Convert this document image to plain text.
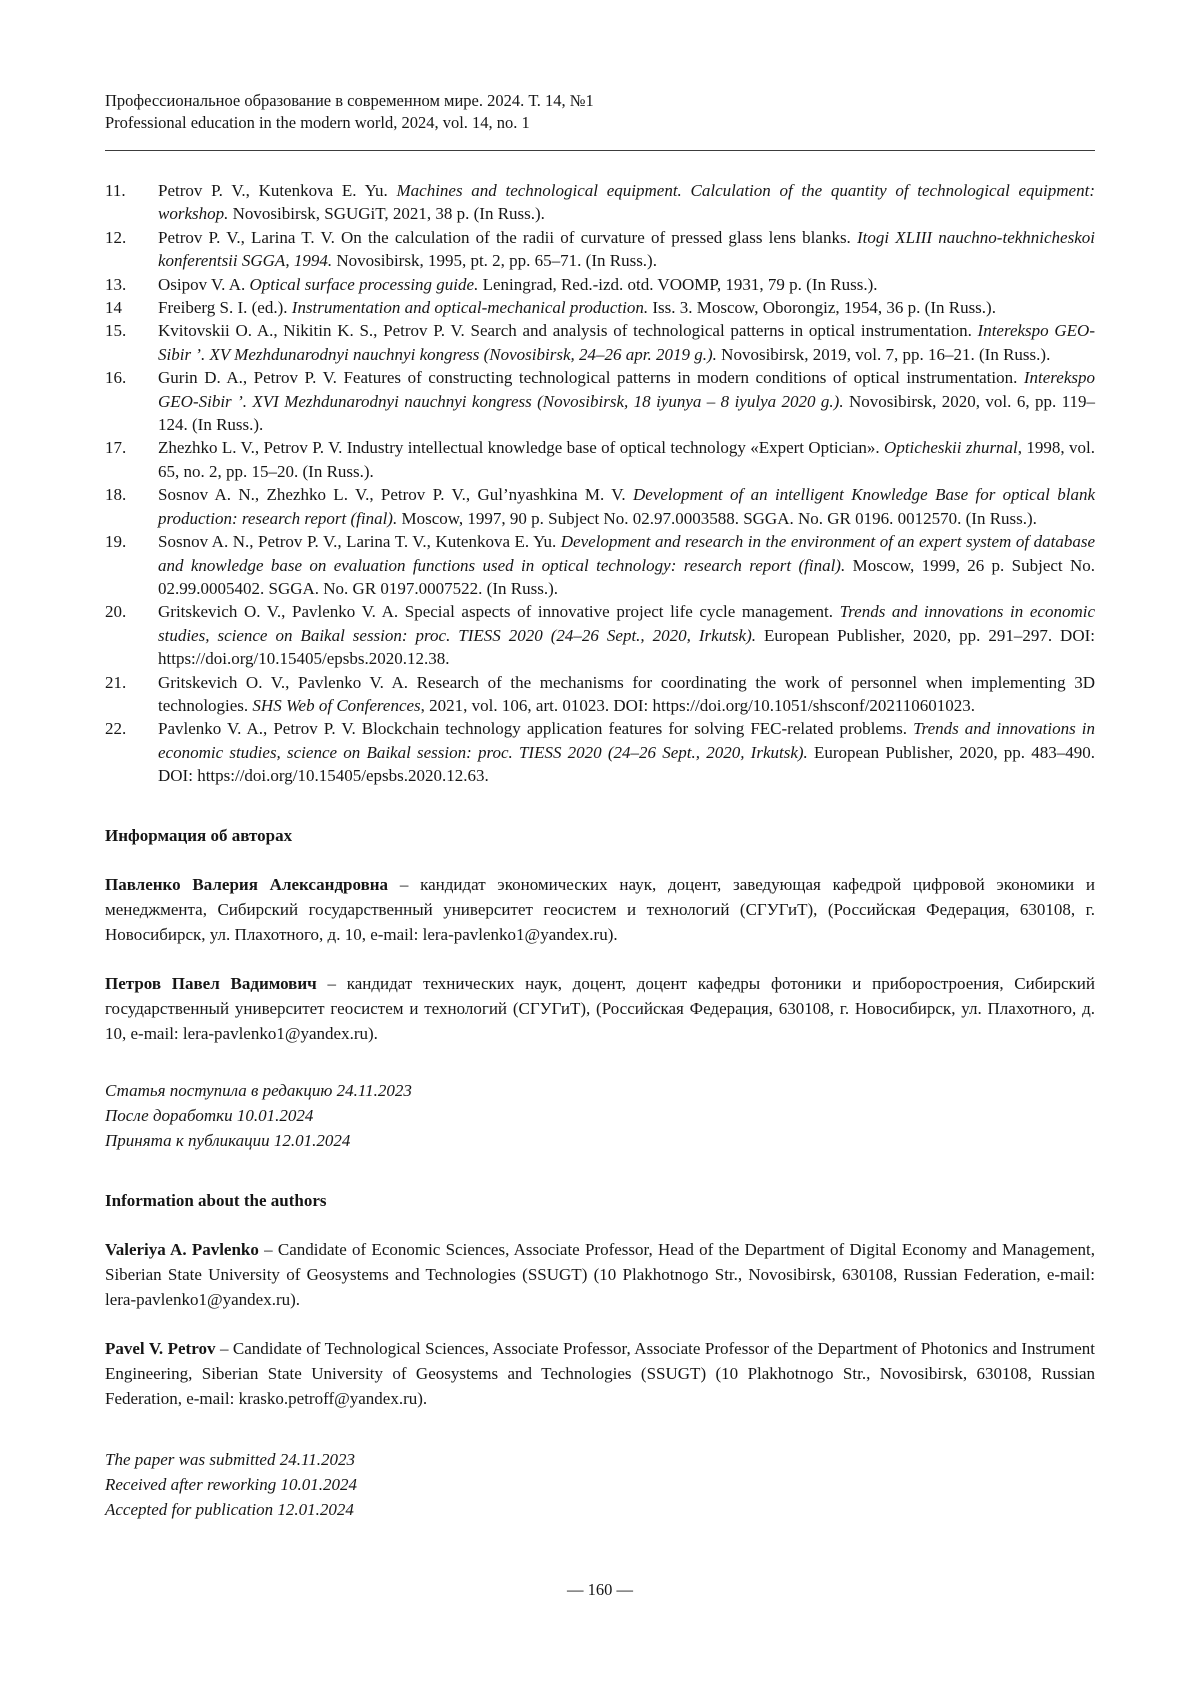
Профессиональное образование в современном мире. 2024. Т. 14, №1
Professional education in the modern world, 2024, vol. 14, no. 1
11.	Petrov P. V., Kutenkova E. Yu. Machines and technological equipment. Calculation of the quantity of technological equipment: workshop. Novosibirsk, SGUGiT, 2021, 38 p. (In Russ.).
12.	Petrov P. V., Larina T. V. On the calculation of the radii of curvature of pressed glass lens blanks. Itogi XLIII nauchno-tekhnicheskoi konferentsii SGGA, 1994. Novosibirsk, 1995, pt. 2, pp. 65–71. (In Russ.).
13.	Osipov V. A. Optical surface processing guide. Leningrad, Red.-izd. otd. VOOMP, 1931, 79 p. (In Russ.).
14	Freiberg S. I. (ed.). Instrumentation and optical-mechanical production. Iss. 3. Moscow, Oborongiz, 1954, 36 p. (In Russ.).
15.	Kvitovskii O. A., Nikitin K. S., Petrov P. V. Search and analysis of technological patterns in optical instrumentation. Interekspo GEO-Sibir ’. XV Mezhdunarodnyi nauchnyi kongress (Novosibirsk, 24–26 apr. 2019 g.). Novosibirsk, 2019, vol. 7, pp. 16–21. (In Russ.).
16.	Gurin D. A., Petrov P. V. Features of constructing technological patterns in modern conditions of optical instrumentation. Interekspo GEO-Sibir ’. XVI Mezhdunarodnyi nauchnyi kongress (Novosibirsk, 18 iyunya – 8 iyulya 2020 g.). Novosibirsk, 2020, vol. 6, pp. 119–124. (In Russ.).
17.	Zhezhko L. V., Petrov P. V. Industry intellectual knowledge base of optical technology «Expert Optician». Opticheskii zhurnal, 1998, vol. 65, no. 2, pp. 15–20. (In Russ.).
18.	Sosnov A. N., Zhezhko L. V., Petrov P. V., Gul’nyashkina M. V. Development of an intelligent Knowledge Base for optical blank production: research report (final). Moscow, 1997, 90 p. Subject No. 02.97.0003588. SGGA. No. GR 0196. 0012570. (In Russ.).
19.	Sosnov A. N., Petrov P. V., Larina T. V., Kutenkova E. Yu. Development and research in the environment of an expert system of database and knowledge base on evaluation functions used in optical technology: research report (final). Moscow, 1999, 26 p. Subject No. 02.99.0005402. SGGA. No. GR 0197.0007522. (In Russ.).
20.	Gritskevich O. V., Pavlenko V. A. Special aspects of innovative project life cycle management. Trends and innovations in economic studies, science on Baikal session: proc. TIESS 2020 (24–26 Sept., 2020, Irkutsk). European Publisher, 2020, pp. 291–297. DOI: https://doi.org/10.15405/epsbs.2020.12.38.
21.	Gritskevich O. V., Pavlenko V. A. Research of the mechanisms for coordinating the work of personnel when implementing 3D technologies. SHS Web of Conferences, 2021, vol. 106, art. 01023. DOI: https://doi.org/10.1051/shsconf/202110601023.
22.	Pavlenko V. A., Petrov P. V. Blockchain technology application features for solving FEC-related problems. Trends and innovations in economic studies, science on Baikal session: proc. TIESS 2020 (24–26 Sept., 2020, Irkutsk). European Publisher, 2020, pp. 483–490. DOI: https://doi.org/10.15405/epsbs.2020.12.63.
Информация об авторах

Павленко Валерия Александровна – кандидат экономических наук, доцент, заведующая кафедрой цифровой экономики и менеджмента, Сибирский государственный университет геосистем и технологий (СГУГиТ), (Российская Федерация, 630108, г. Новосибирск, ул. Плахотного, д. 10, e-mail: lera-pavlenko1@yandex.ru).

Петров Павел Вадимович – кандидат технических наук, доцент, доцент кафедры фотоники и приборостроения, Сибирский государственный университет геосистем и технологий (СГУГиТ), (Российская Федерация, 630108, г. Новосибирск, ул. Плахотного, д. 10, e-mail: lera-pavlenko1@yandex.ru).

Статья поступила в редакцию 24.11.2023
После доработки 10.01.2024
Принята к публикации 12.01.2024
Information about the authors

Valeriya A. Pavlenko – Candidate of Economic Sciences, Associate Professor, Head of the Department of Digital Economy and Management, Siberian State University of Geosystems and Technologies (SSUGT) (10 Plakhotnogo Str., Novosibirsk, 630108, Russian Federation, e-mail: lera-pavlenko1@yandex.ru).

Pavel V. Petrov – Candidate of Technological Sciences, Associate Professor, Associate Professor of the Department of Photonics and Instrument Engineering, Siberian State University of Geosystems and Technologies (SSUGT) (10 Plakhotnogo Str., Novosibirsk, 630108, Russian Federation, e-mail: krasko.petroff@yandex.ru).

The paper was submitted 24.11.2023
Received after reworking 10.01.2024
Accepted for publication 12.01.2024
— 160 —
